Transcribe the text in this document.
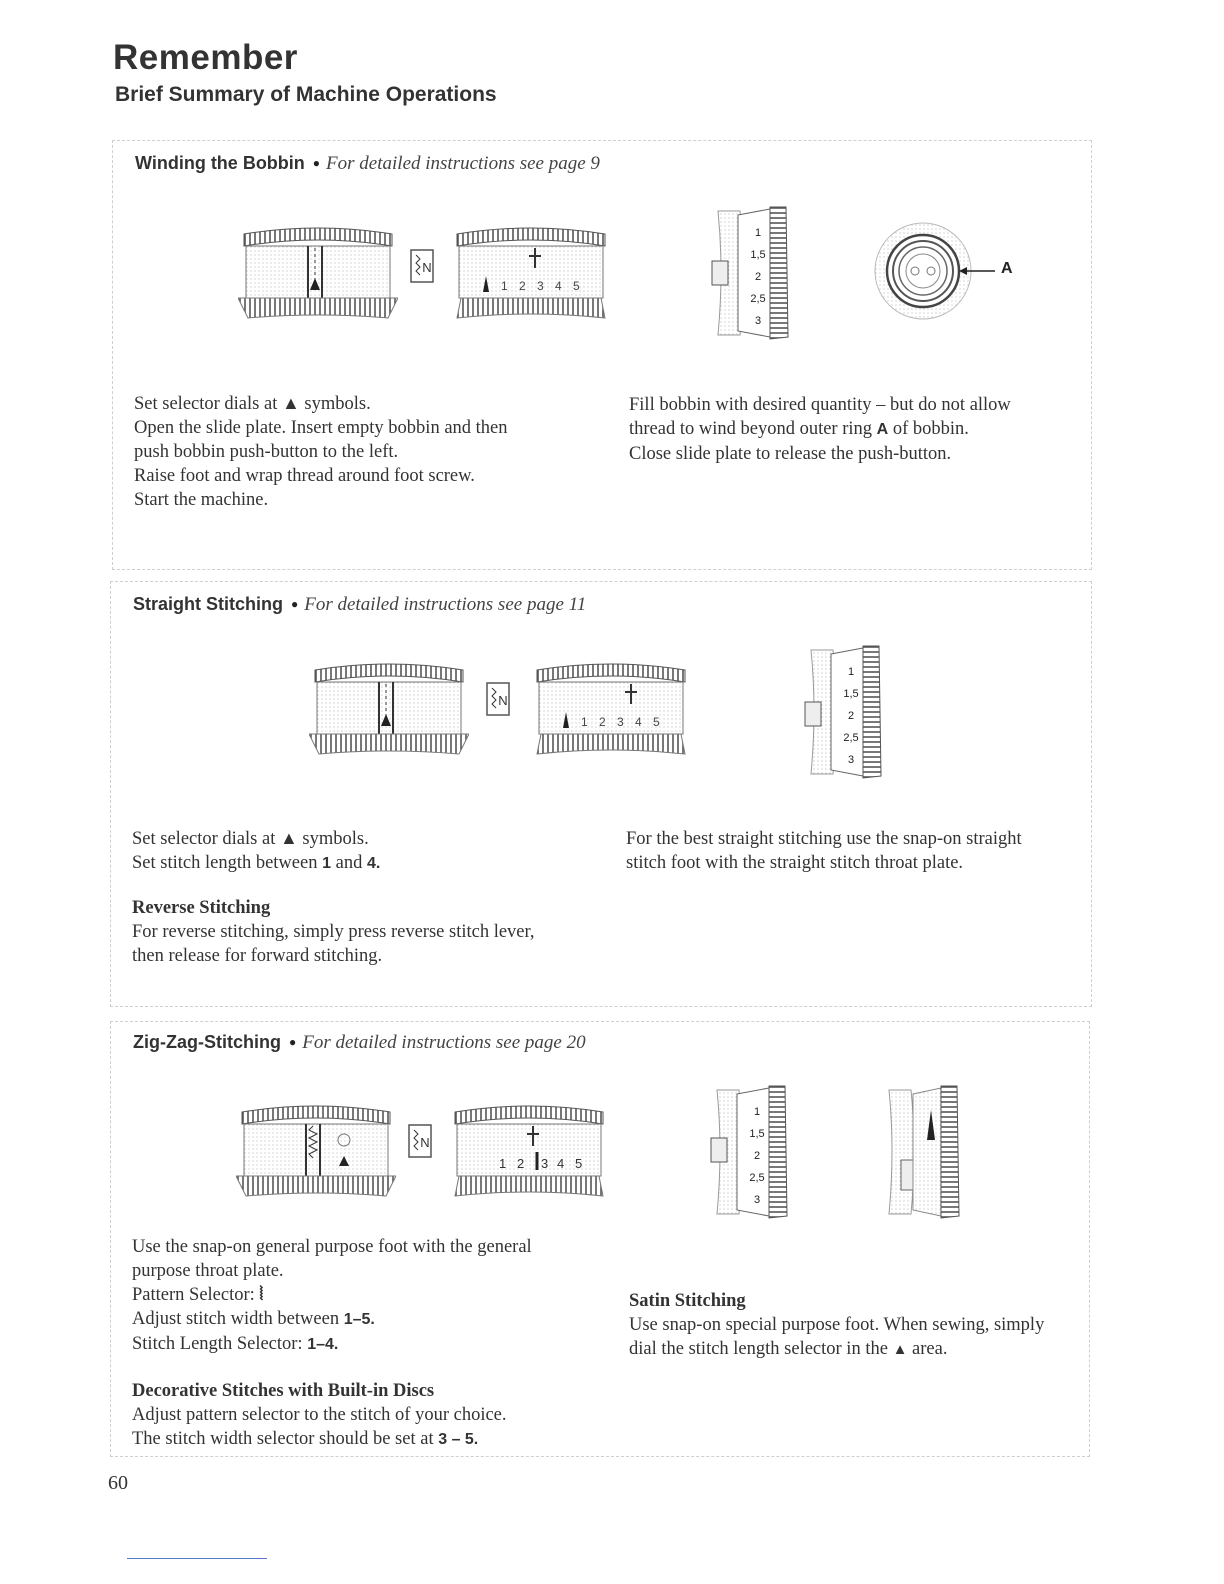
Remember
Brief Summary of Machine Operations
Winding the Bobbin ● For detailed instructions see page 9
N
1 2 3 4 5
1
1,5
2
2,5
3
A

Set selector dials at ▲ symbols.

Open the slide plate. Insert empty bobbin and then

push bobbin push-button to the left.

Raise foot and wrap thread around foot screw.

Start the machine.

Fill bobbin with desired quantity – but do not allow

thread to wind beyond outer ring A of bobbin.

Close slide plate to release the push-button.

Straight Stitching ● For detailed instructions see page 11
N
1 2 3 4 5
1
1,5
2
2,5
3

Set selector dials at ▲ symbols.

Set stitch length between 1 and 4.

Reverse Stitching

For reverse stitching, simply press reverse stitch lever,

then release for forward stitching.

For the best straight stitching use the snap-on straight

stitch foot with the straight stitch throat plate.

Zig-Zag-Stitching ● For detailed instructions see page 20
N
1 2 3 4 5
1
1,5
2
2,5
3

Use the snap-on general purpose foot with the general

purpose throat plate.

Pattern Selector: ⦚

Adjust stitch width between 1–5.

Stitch Length Selector: 1–4.

Decorative Stitches with Built-in Discs

Adjust pattern selector to the stitch of your choice.

The stitch width selector should be set at 3 – 5.

Satin Stitching

Use snap-on special purpose foot. When sewing, simply

dial the stitch length selector in the ▲ area.

60
